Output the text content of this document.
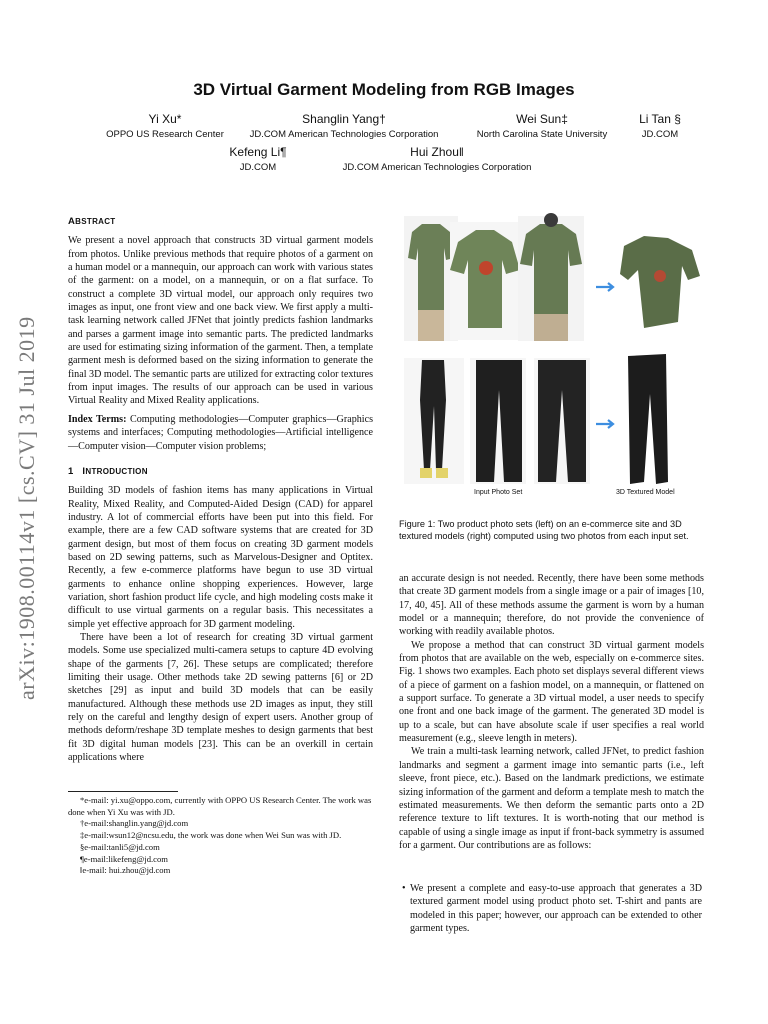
arXiv:1908.00114v1 [cs.CV] 31 Jul 2019
3D Virtual Garment Modeling from RGB Images
Yi Xu*
OPPO US Research Center
Shanglin Yang†
JD.COM American Technologies Corporation
Wei Sun‡
North Carolina State University
Li Tan §
JD.COM
Kefeng Li¶
JD.COM
Hui Zhou‖
JD.COM American Technologies Corporation
ABSTRACT

We present a novel approach that constructs 3D virtual garment models from photos. Unlike previous methods that require photos of a garment on a human model or a mannequin, our approach can work with various states of the garment: on a model, on a mannequin, or on a flat surface. To construct a complete 3D virtual model, our approach only requires two images as input, one front view and one back view. We first apply a multi-task learning network called JFNet that jointly predicts fashion landmarks and parses a garment image into semantic parts. The predicted landmarks are used for estimating sizing information of the garment. Then, a template garment mesh is deformed based on the sizing information to generate the final 3D model. The semantic parts are utilized for extracting color textures from input images. The results of our approach can be used in various Virtual Reality and Mixed Reality applications.

Index Terms: Computing methodologies—Computer graphics—Graphics systems and interfaces; Computing methodologies—Artificial intelligence—Computer vision—Computer vision problems;

1 INTRODUCTION

Building 3D models of fashion items has many applications in Virtual Reality, Mixed Reality, and Computed-Aided Design (CAD) for apparel industry. A lot of commercial efforts have been put into this field. For example, there are a few CAD software systems that are created for 3D garment design, but most of them focus on creating 3D garment models based on 2D sewing patterns, such as Marvelous-Designer and Optitex. Recently, a few e-commerce platforms have begun to use 3D virtual garments to enhance online shopping experiences. However, large variation, short fashion product life cycle, and high modeling costs make it difficult to use virtual garments on a regular basis. This necessitates a simple yet effective approach for 3D garment modeling.

There have been a lot of research for creating 3D virtual garment models. Some use specialized multi-camera setups to capture 4D evolving shape of the garments [7, 26]. These setups are complicated; therefore limiting their usage. Other methods take 2D sewing patterns [6] or 2D sketches [29] as input and build 3D models that can be easily manufactured. Although these methods use 2D images as input, they still rely on the careful and lengthy design of expert users. Another group of methods deform/reshape 3D template meshes to design garments that best fit 3D digital human models [23]. This can be an overkill in certain applications where

*e-mail: yi.xu@oppo.com, currently with OPPO US Research Center. The work was done when Yi Xu was with JD.
†e-mail:shanglin.yang@jd.com
‡e-mail:wsun12@ncsu.edu, the work was done when Wei Sun was with JD.
§e-mail:tanli5@jd.com
¶e-mail:likefeng@jd.com
‖e-mail: hui.zhou@jd.com
Input Photo Set	3D Textured Model
Figure 1: Two product photo sets (left) on an e-commerce site and 3D textured models (right) computed using two photos from each input set.

an accurate design is not needed. Recently, there have been some methods that create 3D garment models from a single image or a pair of images [10, 17, 40, 45]. All of these methods assume the garment is worn by a human model or a mannequin; therefore, do not provide the convenience of working with readily available photos.

We propose a method that can construct 3D virtual garment models from photos that are available on the web, especially on e-commerce sites. Fig. 1 shows two examples. Each photo set displays several different views of a piece of garment on a fashion model, on a mannequin, or flattened on a support surface. To generate a 3D virtual model, a user needs to specify one front and one back image of the garment. The generated 3D model is up to a scale, but can have absolute scale if user specifies a real world measurement (e.g., sleeve length in meters).

We train a multi-task learning network, called JFNet, to predict fashion landmarks and segment a garment image into semantic parts (i.e., left sleeve, front piece, etc.). Based on the landmark predictions, we estimate sizing information of the garment and deform a template mesh to match the estimated measurements. We then deform the semantic parts onto a 2D reference texture to lift textures. It is worth-noting that our method is capable of using a single image as input if front-back symmetry is assumed for a garment. Our contributions are as follows:

• We present a complete and easy-to-use approach that generates a 3D textured garment model using product photo set. T-shirt and pants are modeled in this paper; however, our approach can be extended to other garment types.
